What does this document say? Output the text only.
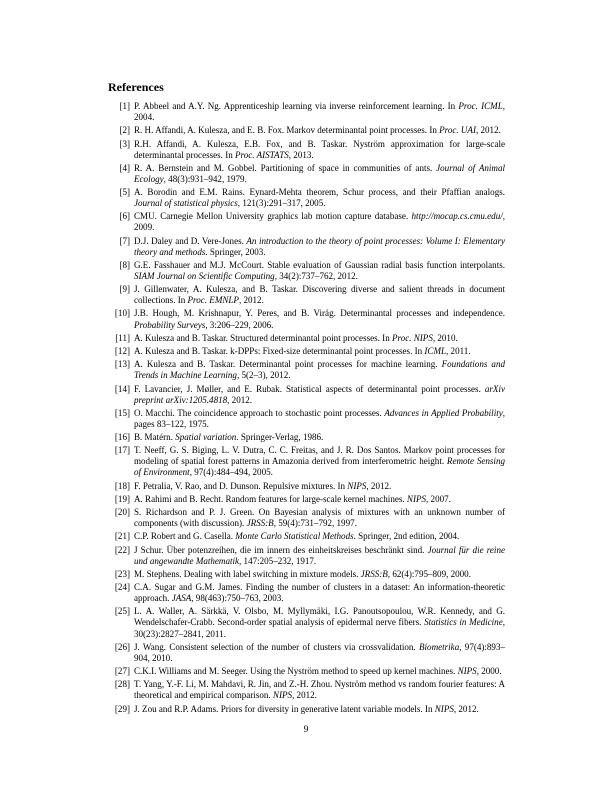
References
[1] P. Abbeel and A.Y. Ng. Apprenticeship learning via inverse reinforcement learning. In Proc. ICML, 2004.
[2] R. H. Affandi, A. Kulesza, and E. B. Fox. Markov determinantal point processes. In Proc. UAI, 2012.
[3] R.H. Affandi, A. Kulesza, E.B. Fox, and B. Taskar. Nyström approximation for large-scale determinantal processes. In Proc. AISTATS, 2013.
[4] R. A. Bernstein and M. Gobbel. Partitioning of space in communities of ants. Journal of Animal Ecology, 48(3):931–942, 1979.
[5] A. Borodin and E.M. Rains. Eynard-Mehta theorem, Schur process, and their Pfaffian analogs. Journal of statistical physics, 121(3):291–317, 2005.
[6] CMU. Carnegie Mellon University graphics lab motion capture database. http://mocap.cs.cmu.edu/, 2009.
[7] D.J. Daley and D. Vere-Jones. An introduction to the theory of point processes: Volume I: Elementary theory and methods. Springer, 2003.
[8] G.E. Fasshauer and M.J. McCourt. Stable evaluation of Gaussian radial basis function interpolants. SIAM Journal on Scientific Computing, 34(2):737–762, 2012.
[9] J. Gillenwater, A. Kulesza, and B. Taskar. Discovering diverse and salient threads in document collections. In Proc. EMNLP, 2012.
[10] J.B. Hough, M. Krishnapur, Y. Peres, and B. Virág. Determinantal processes and independence. Probability Surveys, 3:206–229, 2006.
[11] A. Kulesza and B. Taskar. Structured determinantal point processes. In Proc. NIPS, 2010.
[12] A. Kulesza and B. Taskar. k-DPPs: Fixed-size determinantal point processes. In ICML, 2011.
[13] A. Kulesza and B. Taskar. Determinantal point processes for machine learning. Foundations and Trends in Machine Learning, 5(2–3), 2012.
[14] F. Lavancier, J. Møller, and E. Rubak. Statistical aspects of determinantal point processes. arXiv preprint arXiv:1205.4818, 2012.
[15] O. Macchi. The coincidence approach to stochastic point processes. Advances in Applied Probability, pages 83–122, 1975.
[16] B. Matérn. Spatial variation. Springer-Verlag, 1986.
[17] T. Neeff, G. S. Biging, L. V. Dutra, C. C. Freitas, and J. R. Dos Santos. Markov point processes for modeling of spatial forest patterns in Amazonia derived from interferometric height. Remote Sensing of Environment, 97(4):484–494, 2005.
[18] F. Petralia, V. Rao, and D. Dunson. Repulsive mixtures. In NIPS, 2012.
[19] A. Rahimi and B. Recht. Random features for large-scale kernel machines. NIPS, 2007.
[20] S. Richardson and P. J. Green. On Bayesian analysis of mixtures with an unknown number of components (with discussion). JRSS:B, 59(4):731–792, 1997.
[21] C.P. Robert and G. Casella. Monte Carlo Statistical Methods. Springer, 2nd edition, 2004.
[22] J Schur. Über potenzreihen, die im innern des einheitskreises beschränkt sind. Journal für die reine und angewandte Mathematik, 147:205–232, 1917.
[23] M. Stephens. Dealing with label switching in mixture models. JRSS:B, 62(4):795–809, 2000.
[24] C.A. Sugar and G.M. James. Finding the number of clusters in a dataset: An information-theoretic approach. JASA, 98(463):750–763, 2003.
[25] L. A. Waller, A. Särkkä, V. Olsbo, M. Myllymäki, I.G. Panoutsopoulou, W.R. Kennedy, and G. Wendelschafer-Crabb. Second-order spatial analysis of epidermal nerve fibers. Statistics in Medicine, 30(23):2827–2841, 2011.
[26] J. Wang. Consistent selection of the number of clusters via crossvalidation. Biometrika, 97(4):893–904, 2010.
[27] C.K.I. Williams and M. Seeger. Using the Nyström method to speed up kernel machines. NIPS, 2000.
[28] T. Yang, Y.-F. Li, M. Mahdavi, R. Jin, and Z.-H. Zhou. Nyström method vs random fourier features: A theoretical and empirical comparison. NIPS, 2012.
[29] J. Zou and R.P. Adams. Priors for diversity in generative latent variable models. In NIPS, 2012.
9
